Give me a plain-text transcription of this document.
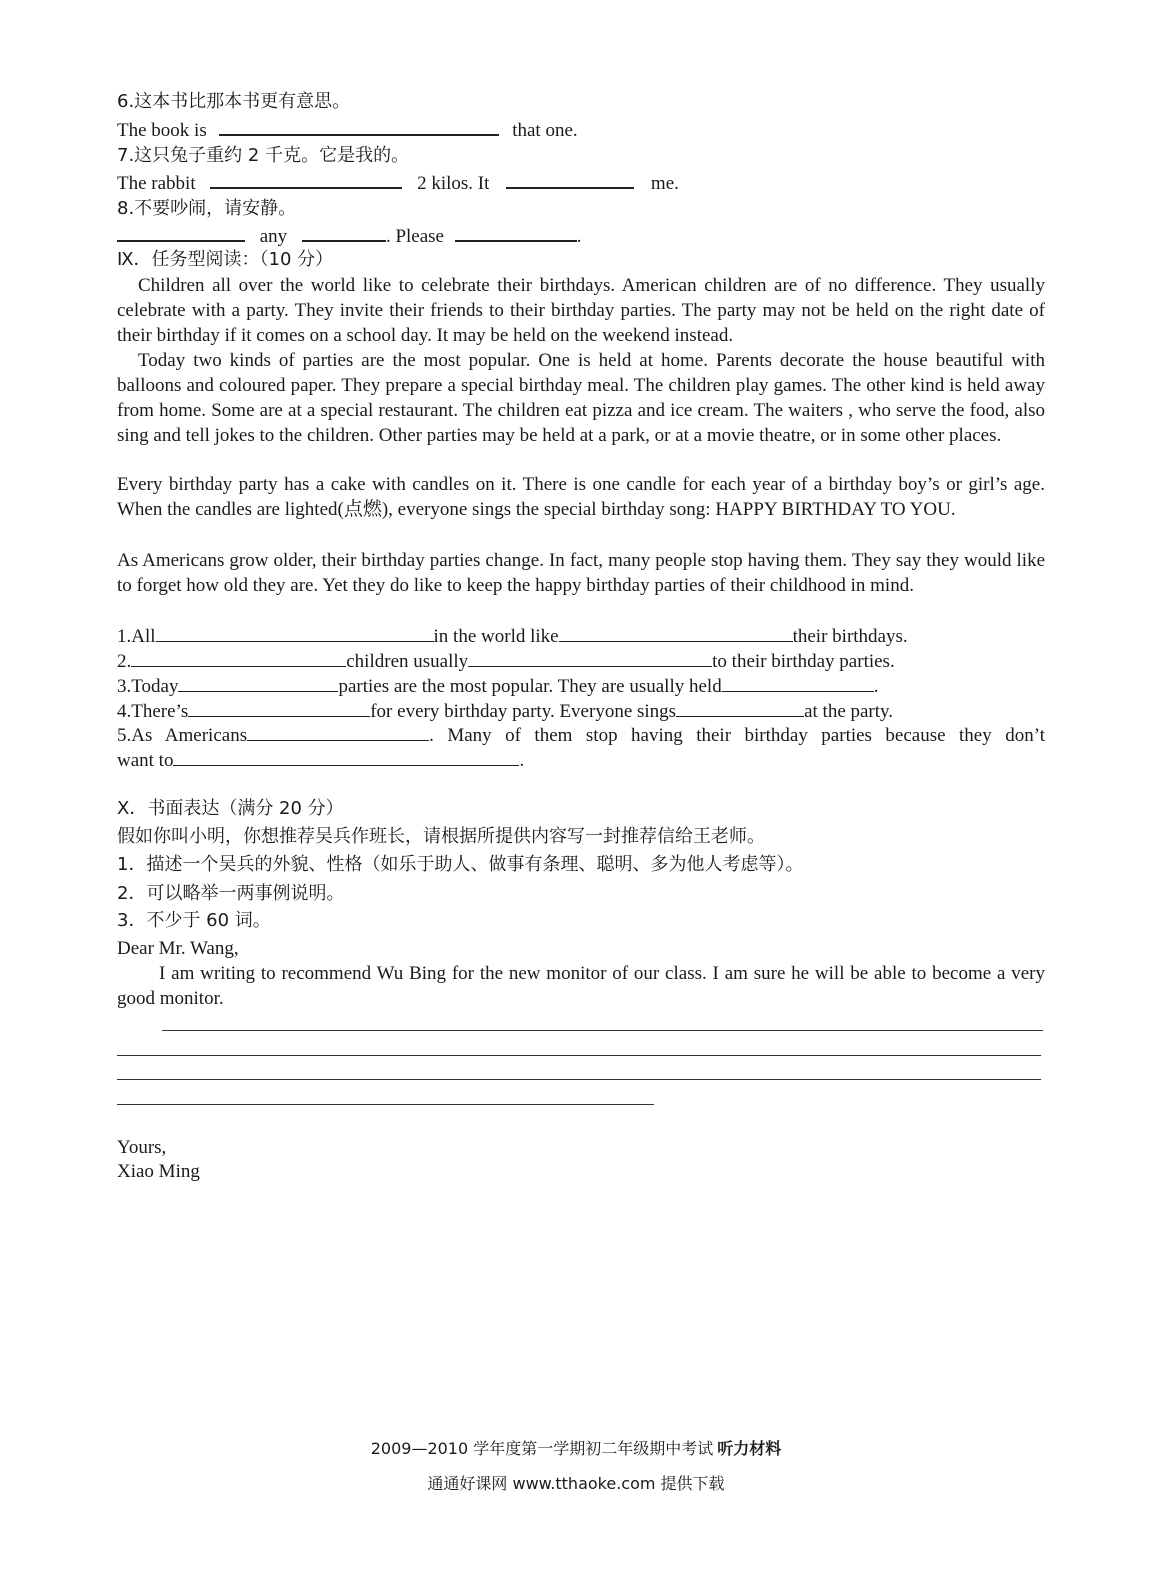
6.这本书比那本书更有意思。
The book is	that one.
7.这只兔子重约 2 千克。它是我的。
The rabbit	2 kilos. It	me.
8.不要吵闹，请安静。
any	. Please	.
Ⅸ．任务型阅读：（10 分）
Children all over the world like to celebrate their birthdays. American children are of no difference. They usually celebrate with a party. They invite their friends to their birthday parties. The party may not be held on the right date of their birthday if it comes on a school day. It may be held on the weekend instead.
Today two kinds of parties are the most popular. One is held at home. Parents decorate the house beautiful with balloons and coloured paper. They prepare a special birthday meal. The children play games. The other kind is held away from home. Some are at a special restaurant. The children eat pizza and ice cream. The waiters , who serve the food, also sing and tell jokes to the children. Other parties may be held at a park, or at a movie theatre, or in some other places.
Every birthday party has a cake with candles on it. There is one candle for each year of a birthday boy’s or girl’s age. When the candles are lighted(点燃), everyone sings the special birthday song: HAPPY BIRTHDAY TO YOU.
As Americans grow older, their birthday parties change. In fact, many people stop having them. They say they would like to forget how old they are. Yet they do like to keep the happy birthday parties of their childhood in mind.
1.All	in the world like	their birthdays.
2.	children usually	to their birthday parties.
3.Today	parties are the most popular. They are usually held	.
4.There’s	for every birthday party. Everyone sings	at the party.
5.As Americans	. Many of them stop having their birthday parties because they don’t
want to	.
Ⅹ．书面表达（满分 20 分）
假如你叫小明，你想推荐吴兵作班长，请根据所提供内容写一封推荐信给王老师。
1．描述一个吴兵的外貌、性格（如乐于助人、做事有条理、聪明、多为他人考虑等）。
2．可以略举一两事例说明。
3．不少于 60 词。
Dear Mr. Wang,
I am writing to recommend Wu Bing for the new monitor of our class. I am sure he will be able to become a very good monitor.
Yours,
Xiao Ming
2009—2010 学年度第一学期初二年级期中考试 听力材料
通通好课网 www.tthaoke.com 提供下载
